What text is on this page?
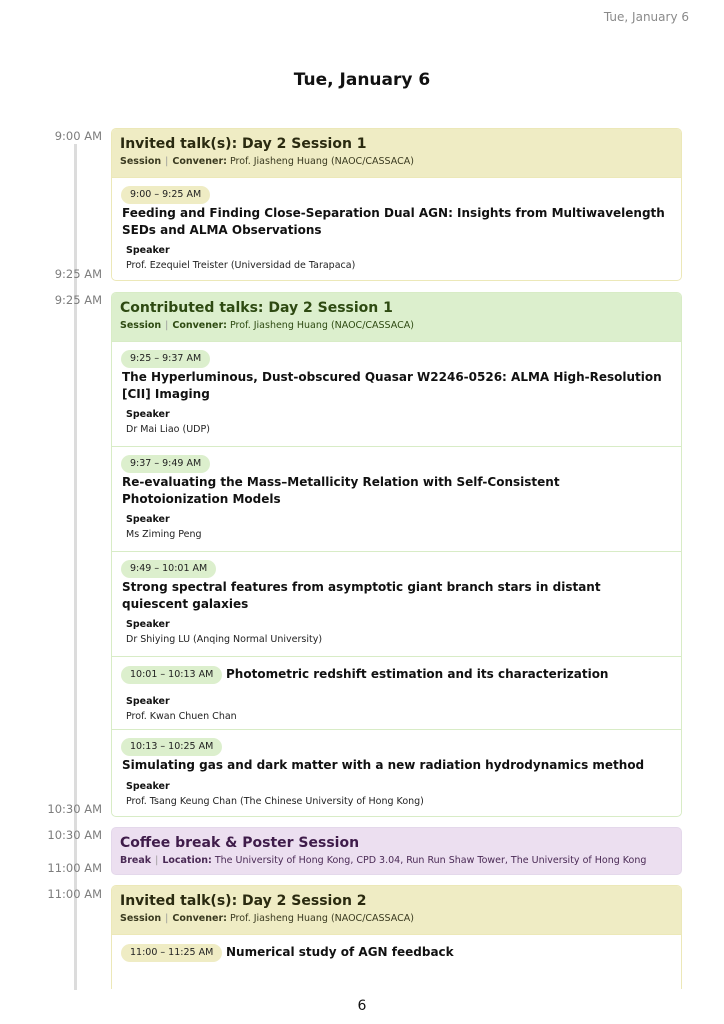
Tue, January 6
Tue, January 6
9:00 AM
9:25 AM
9:25 AM
10:30 AM
10:30 AM
11:00 AM
11:00 AM
Invited talk(s): Day 2 Session 1
Session | Convener: Prof. Jiasheng Huang (NAOC/CASSACA)
9:00 – 9:25 AM
Feeding and Finding Close-Separation Dual AGN: Insights from Multiwavelength SEDs and ALMA Observations
Speaker
Prof. Ezequiel Treister (Universidad de Tarapaca)
Contributed talks: Day 2 Session 1
Session | Convener: Prof. Jiasheng Huang (NAOC/CASSACA)
9:25 – 9:37 AM
The Hyperluminous, Dust-obscured Quasar W2246-0526: ALMA High-Resolution [CII] Imaging
Speaker
Dr Mai Liao (UDP)
9:37 – 9:49 AM
Re-evaluating the Mass–Metallicity Relation with Self-Consistent Photoionization Models
Speaker
Ms Ziming Peng
9:49 – 10:01 AM
Strong spectral features from asymptotic giant branch stars in distant quiescent galaxies
Speaker
Dr Shiying LU (Anqing Normal University)
10:01 – 10:13 AM	Photometric redshift estimation and its characterization
Speaker
Prof. Kwan Chuen Chan
10:13 – 10:25 AM
Simulating gas and dark matter with a new radiation hydrodynamics method
Speaker
Prof. Tsang Keung Chan (The Chinese University of Hong Kong)
Coffee break & Poster Session
Break | Location: The University of Hong Kong, CPD 3.04, Run Run Shaw Tower, The University of Hong Kong
Invited talk(s): Day 2 Session 2
Session | Convener: Prof. Jiasheng Huang (NAOC/CASSACA)
11:00 – 11:25 AM	Numerical study of AGN feedback
6
